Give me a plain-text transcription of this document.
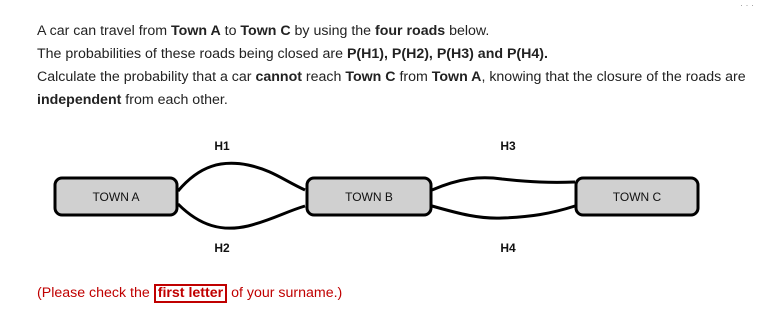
A car can travel from Town A to Town C by using the four roads below.
The probabilities of these roads being closed are P(H1), P(H2), P(H3) and P(H4).
Calculate the probability that a car cannot reach Town C from Town A, knowing that the closure of the roads are independent from each other.
TOWN A	TOWN B	TOWN C
H1
H2
H3
H4
(Please check the first letter of your surname.)
· · ·
